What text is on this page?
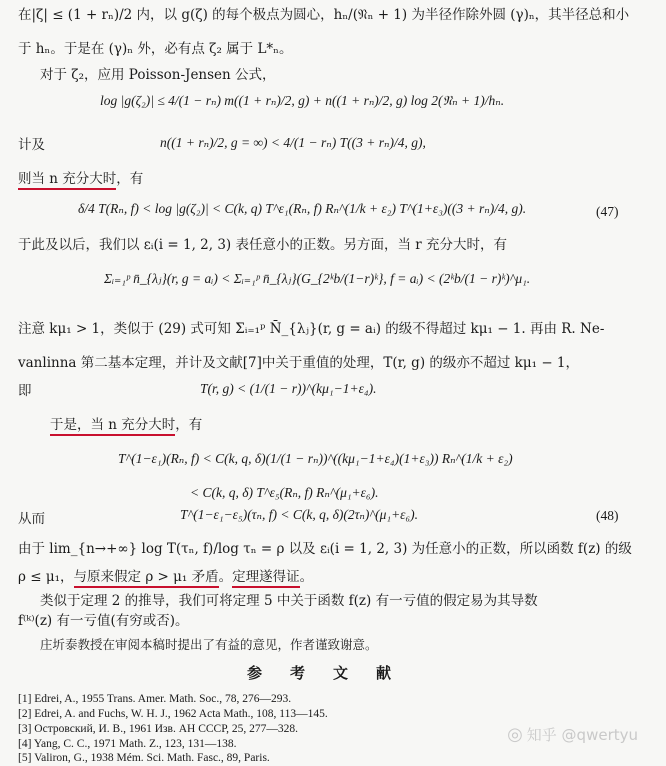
在|ζ| ≤ (1 + rₙ)/2 内，以 g(ζ) 的每个极点为圆心，hₙ/(𝔑ₙ + 1) 为半径作除外圆 (γ)ₙ，其半径总和小
于 hₙ。于是在 (γ)ₙ 外，必有点 ζ₂ 属于 L*ₙ。
对于 ζ₂，应用 Poisson-Jensen 公式，
log |g(ζ₂)| ≤ 4/(1 − rₙ) m((1 + rₙ)/2, g) + n((1 + rₙ)/2, g) log 2(𝔑ₙ + 1)/hₙ.
计及	n((1 + rₙ)/2, g = ∞) < 4/(1 − rₙ) T((3 + rₙ)/4, g),
则当 n 充分大时，有
δ/4 T(Rₙ, f) < log |g(ζ₂)| < C(k, q) T^ε₁(Rₙ, f) Rₙ^(1/k + ε₂) T^(1+ε₃)((3 + rₙ)/4, g).	(47)
于此及以后，我们以 εᵢ(i = 1, 2, 3) 表任意小的正数。另方面，当 r 充分大时，有
Σᵢ₌₁ᵖ n̄_{λⱼ}(r, g = aᵢ) < Σᵢ₌₁ᵖ n̄_{λⱼ}(G_{2ᵏb/(1−r)ᵏ}, f = aᵢ) < (2ᵏb/(1 − r)ᵏ)^μ₁.
注意 kμ₁ > 1，类似于 (29) 式可知 Σᵢ₌₁ᵖ N̄_{λⱼ}(r, g = aᵢ) 的级不得超过 kμ₁ − 1. 再由 R. Ne-
vanlinna 第二基本定理，并计及文献[7]中关于重值的处理，T(r, g) 的级亦不超过 kμ₁ − 1，
即	T(r, g) < (1/(1 − r))^(kμ₁−1+ε₄).
于是，当 n 充分大时，有
T^(1−ε₁)(Rₙ, f) < C(k, q, δ)(1/(1 − rₙ))^((kμ₁−1+ε₄)(1+ε₃)) Rₙ^(1/k + ε₂)
< C(k, q, δ) T^ε₅(Rₙ, f) Rₙ^(μ₁+ε₆).
从而	T^(1−ε₁−ε₅)(τₙ, f) < C(k, q, δ)(2τₙ)^(μ₁+ε₆).	(48)
由于 lim_{n→+∞} log T(τₙ, f)/log τₙ = ρ 以及 εᵢ(i = 1, 2, 3) 为任意小的正数，所以函数 f(z) 的级
ρ ≤ μ₁，与原来假定 ρ > μ₁ 矛盾。定理遂得证。
类似于定理 2 的推导，我们可将定理 5 中关于函数 f(z) 有一亏值的假定易为其导数
f⁽ᵏ⁾(z) 有一亏值(有穷或否)。
庄圻泰教授在审阅本稿时提出了有益的意见，作者谨致谢意。
参考文献
[1] Edrei, A., 1955 Trans. Amer. Math. Soc., 78, 276—293.
[2] Edrei, A. and Fuchs, W. H. J., 1962 Acta Math., 108, 113—145.
[3] Островский, И. В., 1961 Изв. АН СССР, 25, 277—328.
[4] Yang, C. C., 1971 Math. Z., 123, 131—138.
[5] Valiron, G., 1938 Mém. Sci. Math. Fasc., 89, Paris.
◎ 知乎 @qwertyu
